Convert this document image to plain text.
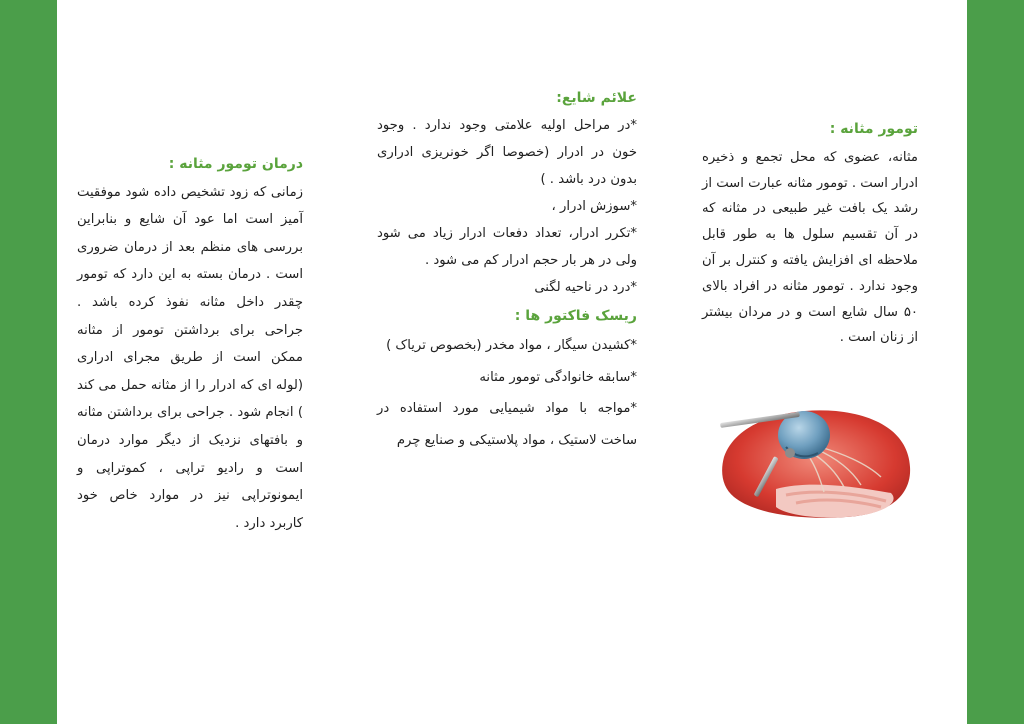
تومور مثانه :

مثانه، عضوی که محل تجمع و ذخیره ادرار است . تومور مثانه عبارت است از رشد یک بافت غیر طبیعی در مثانه که در آن تقسیم سلول ها به طور قابل ملاحظه ای افزایش یافته و کنترل بر آن وجود ندارد . تومور مثانه در افراد بالای ۵۰ سال شایع است و در مردان بیشتر از زنان است .

علائم شایع:

*در مراحل اولیه علامتی وجود ندارد . وجود خون در ادرار (خصوصا اگر خونریزی ادراری بدون درد باشد . )

*سوزش ادرار ،

*تکرر ادرار، تعداد دفعات ادرار زیاد می شود ولی در هر بار حجم ادرار کم می شود .

*درد در ناحیه لگنی

ریسک فاکتور ها :

*کشیدن سیگار ، مواد مخدر (بخصوص تریاک )

*سابقه خانوادگی تومور مثانه

*مواجه با مواد شیمیایی مورد استفاده در ساخت لاستیک ، مواد پلاستیکی و صنایع چرم

درمان تومور مثانه :

زمانی که زود تشخیص داده شود موفقیت آمیز است اما عود آن شایع و بنابراین بررسی های منظم بعد از درمان ضروری است . درمان بسته به این دارد که تومور چقدر داخل مثانه نفوذ کرده باشد . جراحی برای برداشتن تومور از مثانه ممکن است از طریق مجرای ادراری (لوله ای که ادرار را از مثانه حمل می کند ) انجام شود . جراحی برای برداشتن مثانه و بافتهای نزدیک از دیگر موارد درمان است و رادیو تراپی ، کموتراپی و ایمونوتراپی نیز در موارد خاص خود کاربرد دارد .
